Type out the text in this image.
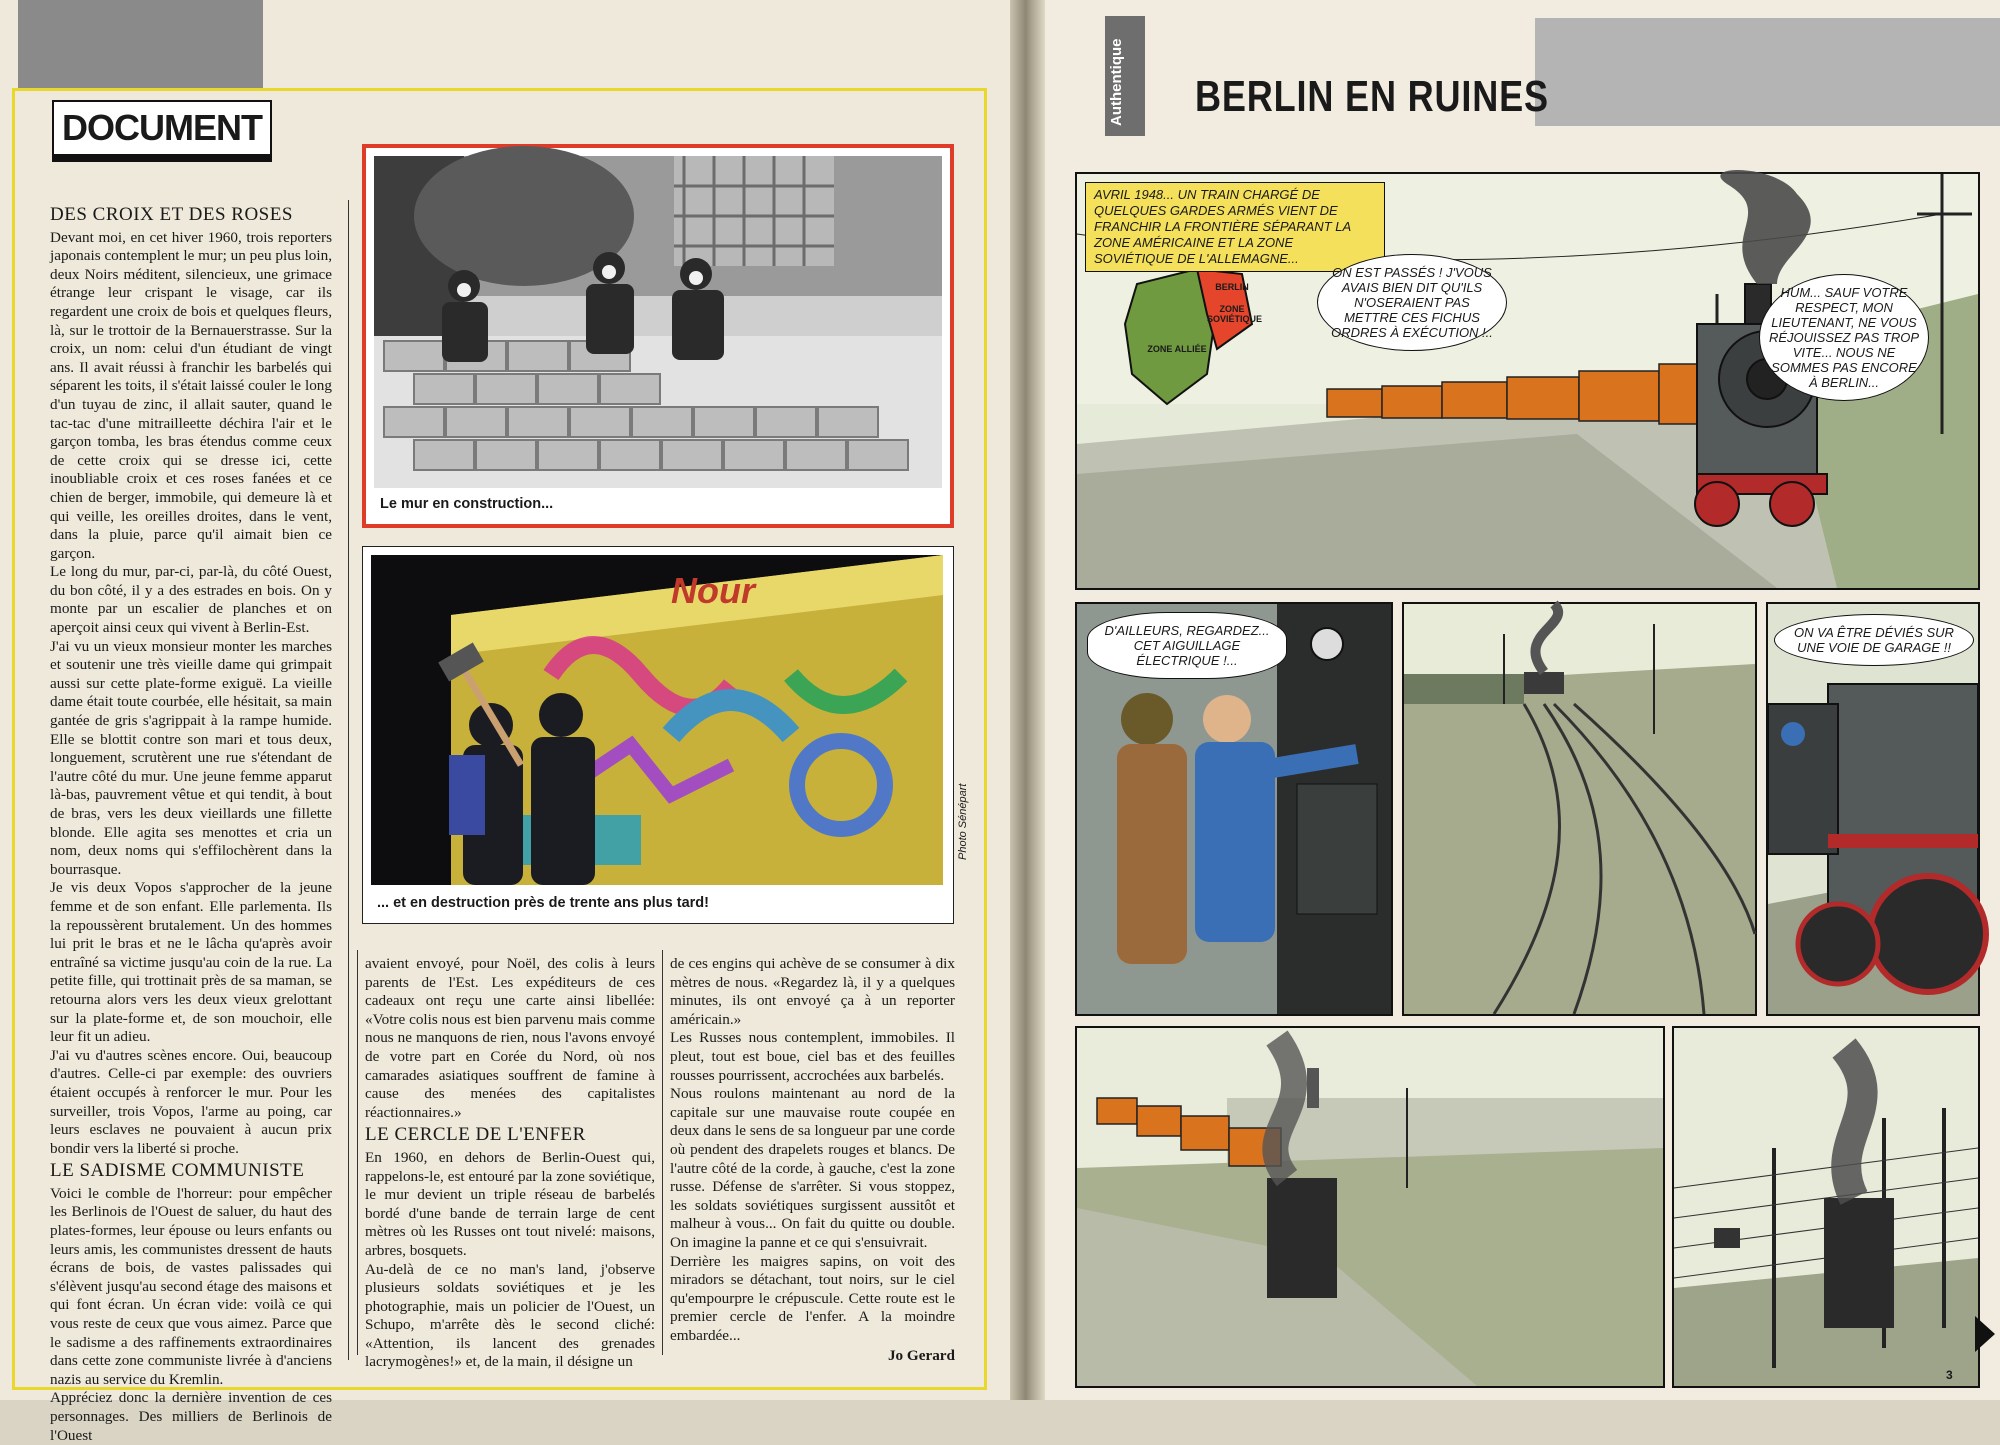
DOCUMENT
DES CROIX ET DES ROSES

Devant moi, en cet hiver 1960, trois reporters japonais contemplent le mur; un peu plus loin, deux Noirs méditent, silencieux, une grimace étrange leur crispant le visage, car ils regardent une croix de bois et quelques fleurs, là, sur le trottoir de la Bernauerstrasse. Sur la croix, un nom: celui d'un étudiant de vingt ans. Il avait réussi à franchir les barbelés qui séparent les toits, il s'était laissé couler le long d'un tuyau de zinc, il allait sauter, quand le tac-tac d'une mitrailleette déchira l'air et le garçon tomba, les bras étendus comme ceux de cette croix qui se dresse ici, cette inoubliable croix et ces roses fanées et ce chien de berger, immobile, qui demeure là et qui veille, les oreilles droites, dans le vent, dans la pluie, parce qu'il aimait bien ce garçon.

Le long du mur, par-ci, par-là, du côté Ouest, du bon côté, il y a des estrades en bois. On y monte par un escalier de planches et on aperçoit ainsi ceux qui vivent à Berlin-Est.

J'ai vu un vieux monsieur monter les marches et soutenir une très vieille dame qui grimpait aussi sur cette plate-forme exiguë. La vieille dame était toute courbée, elle hésitait, sa main gantée de gris s'agrippait à la rampe humide. Elle se blottit contre son mari et tous deux, longuement, scrutèrent une rue s'étendant de l'autre côté du mur. Une jeune femme apparut là-bas, pauvrement vêtue et qui tendit, à bout de bras, vers les deux vieillards une fillette blonde. Elle agita ses menottes et cria un nom, deux noms qui s'effilochèrent dans la bourrasque.

Je vis deux Vopos s'approcher de la jeune femme et de son enfant. Elle parlementa. Ils la repoussèrent brutalement. Un des hommes lui prit le bras et ne le lâcha qu'après avoir entraîné sa victime jusqu'au coin de la rue. La petite fille, qui trottinait près de sa maman, se retourna alors vers les deux vieux grelottant sur la plate-forme et, de son mouchoir, elle leur fit un adieu.

J'ai vu d'autres scènes encore. Oui, beaucoup d'autres. Celle-ci par exemple: des ouvriers étaient occupés à renforcer le mur. Pour les surveiller, trois Vopos, l'arme au poing, car leurs esclaves ne pouvaient à aucun prix bondir vers la liberté si proche.

LE SADISME COMMUNISTE

Voici le comble de l'horreur: pour empêcher les Berlinois de l'Ouest de saluer, du haut des plates-formes, leur épouse ou leurs enfants ou leurs amis, les communistes dressent de hauts écrans de bois, de vastes palissades qui s'élèvent jusqu'au second étage des maisons et qui font écran. Un écran vide: voilà ce qui vous reste de ceux que vous aimez. Parce que le sadisme a des raffinements extraordinaires dans cette zone communiste livrée à d'anciens nazis au service du Kremlin.

Appréciez donc la dernière invention de ces personnages. Des milliers de Berlinois de l'Ouest

Le mur en construction...
Nour
... et en destruction près de trente ans plus tard!
Photo Sénépart

avaient envoyé, pour Noël, des colis à leurs parents de l'Est. Les expéditeurs de ces cadeaux ont reçu une carte ainsi libellée: «Votre colis nous est bien parvenu mais comme nous ne manquons de rien, nous l'avons envoyé de votre part en Corée du Nord, où nos camarades asiatiques souffrent de famine à cause des menées des capitalistes réactionnaires.»

LE CERCLE DE L'ENFER

En 1960, en dehors de Berlin-Ouest qui, rappelons-le, est entouré par la zone soviétique, le mur devient un triple réseau de barbelés bordé d'une bande de terrain large de cent mètres où les Russes ont tout nivelé: maisons, arbres, bosquets.

Au-delà de ce no man's land, j'observe plusieurs soldats soviétiques et je les photographie, mais un policier de l'Ouest, un Schupo, m'arrête dès le second cliché: «Attention, ils lancent des grenades lacrymogènes!» et, de la main, il désigne un

de ces engins qui achève de se consumer à dix mètres de nous. «Regardez là, il y a quelques minutes, ils ont envoyé ça à un reporter américain.»

Les Russes nous contemplent, immobiles. Il pleut, tout est boue, ciel bas et des feuilles rousses pourrissent, accrochées aux barbelés.

Nous roulons maintenant au nord de la capitale sur une mauvaise route coupée en deux dans le sens de sa longueur par une corde où pendent des drapelets rouges et blancs. De l'autre côté de la corde, à gauche, c'est la zone russe. Défense de s'arrêter. Si vous stoppez, les soldats soviétiques surgissent aussitôt et malheur à vous... On fait du quitte ou double. On imagine la panne et ce qui s'ensuivrait.

Derrière les maigres sapins, on voit des miradors se détachant, tout noirs, sur le ciel qu'empourpre le crépuscule. Cette route est le premier cercle de l'enfer. A la moindre embardée...

Jo Gerard

Authentique BERLIN EN RUINES
AVRIL 1948... UN TRAIN CHARGÉ DE QUELQUES GARDES ARMÉS VIENT DE FRANCHIR LA FRONTIÈRE SÉPARANT LA ZONE AMÉRICAINE ET LA ZONE SOVIÉTIQUE DE L'ALLEMAGNE...
ZONE ALLIÉE
BERLIN
ZONE SOVIÉTIQUE
ON EST PASSÉS ! J'VOUS AVAIS BIEN DIT QU'ILS N'OSERAIENT PAS METTRE CES FICHUS ORDRES À EXÉCUTION !..
HUM... SAUF VOTRE RESPECT, MON LIEUTENANT, NE VOUS RÉJOUISSEZ PAS TROP VITE... NOUS NE SOMMES PAS ENCORE À BERLIN...
D'AILLEURS, REGARDEZ... CET AIGUILLAGE ÉLECTRIQUE !...
ON VA ÊTRE DÉVIÉS SUR UNE VOIE DE GARAGE !!
3
